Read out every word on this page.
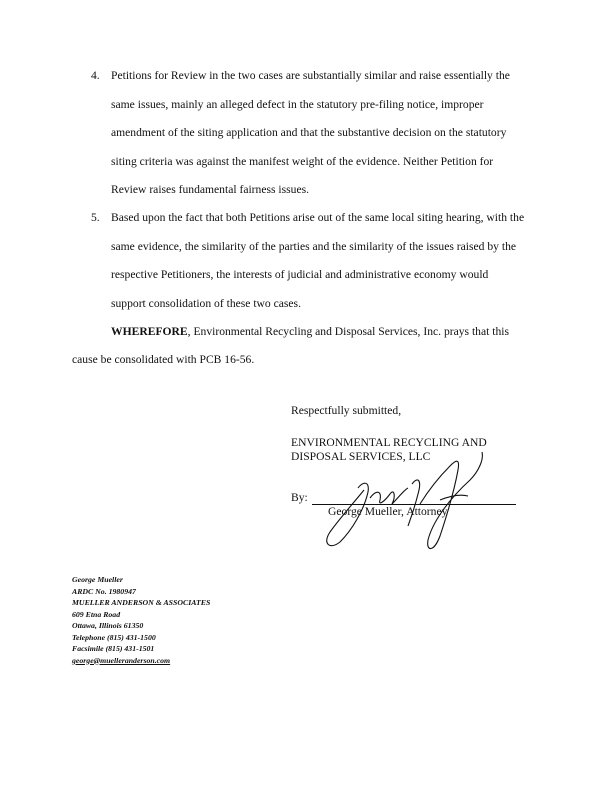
4. Petitions for Review in the two cases are substantially similar and raise essentially the
same issues, mainly an alleged defect in the statutory pre-filing notice, improper
amendment of the siting application and that the substantive decision on the statutory
siting criteria was against the manifest weight of the evidence. Neither Petition for
Review raises fundamental fairness issues.
5. Based upon the fact that both Petitions arise out of the same local siting hearing, with the
same evidence, the similarity of the parties and the similarity of the issues raised by the
respective Petitioners, the interests of judicial and administrative economy would
support consolidation of these two cases.
WHEREFORE, Environmental Recycling and Disposal Services, Inc. prays that this
cause be consolidated with PCB 16-56.
Respectfully submitted,
ENVIRONMENTAL RECYCLING AND
DISPOSAL SERVICES, LLC
By:
George Mueller, Attorney
George Mueller
ARDC No. 1980947
MUELLER ANDERSON & ASSOCIATES
609 Etna Road
Ottawa, Illinois 61350
Telephone (815) 431-1500
Facsimile (815) 431-1501
george@muelleranderson.com
